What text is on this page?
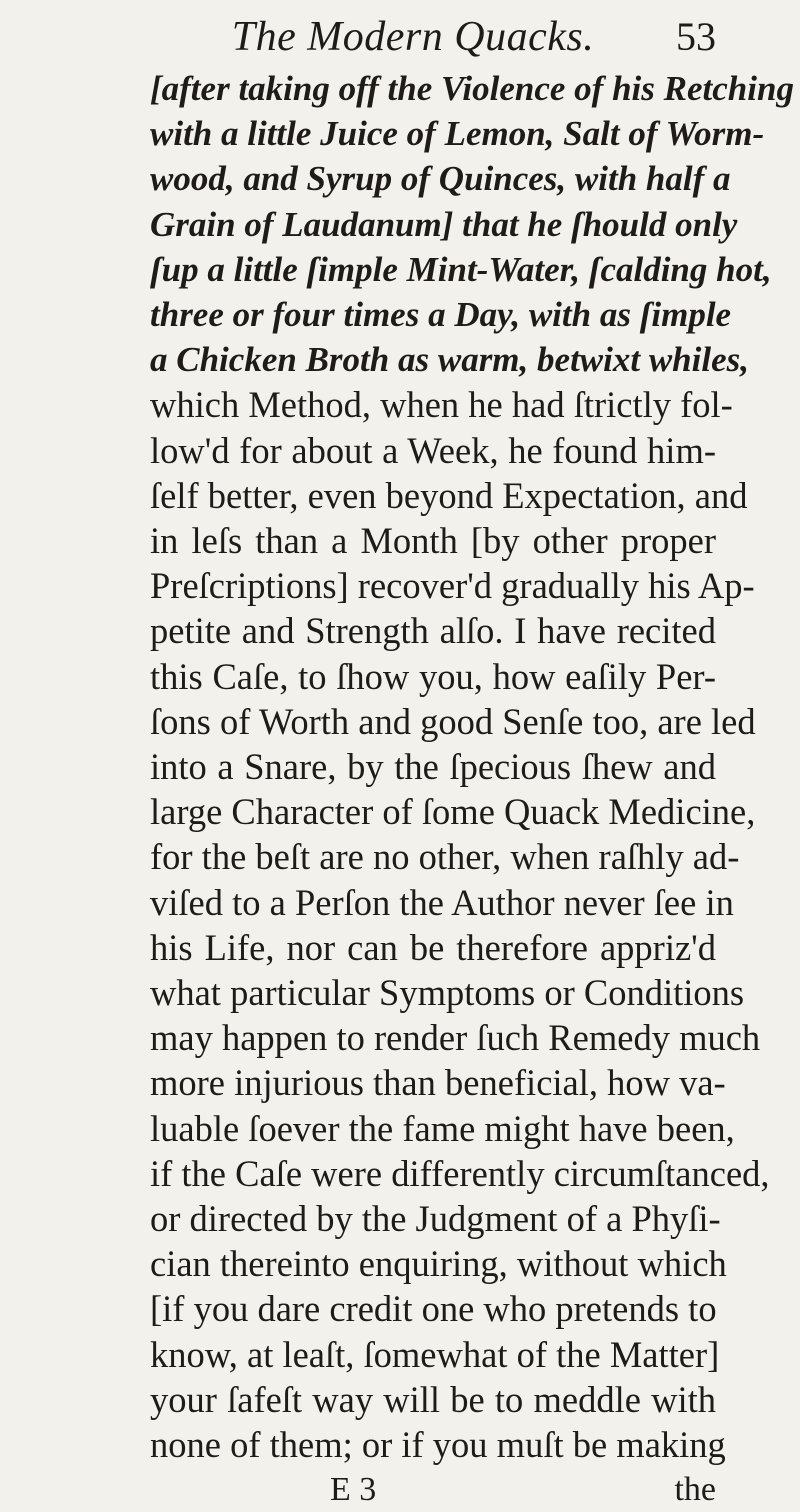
The Modern Quacks.	53
[after taking off the Violence of his Retching
with a little Juice of Lemon, Salt of Worm-
wood, and Syrup of Quinces, with half a
Grain of Laudanum] that he ſhould only
ſup a little ſimple Mint-Water, ſcalding hot,
three or four times a Day, with as ſimple
a Chicken Broth as warm, betwixt whiles,
which Method, when he had ſtrictly fol-
low'd for about a Week, he found him-
ſelf better, even beyond Expectation, and
in leſs than a Month [by other proper
Preſcriptions] recover'd gradually his Ap-
petite and Strength alſo. I have recited
this Caſe, to ſhow you, how eaſily Per-
ſons of Worth and good Senſe too, are led
into a Snare, by the ſpecious ſhew and
large Character of ſome Quack Medicine,
for the beſt are no other, when raſhly ad-
viſed to a Perſon the Author never ſee in
his Life, nor can be therefore appriz'd
what particular Symptoms or Conditions
may happen to render ſuch Remedy much
more injurious than beneficial, how va-
luable ſoever the fame might have been,
if the Caſe were differently circumſtanced,
or directed by the Judgment of a Phyſi-
cian thereinto enquiring, without which
[if you dare credit one who pretends to
know, at leaſt, ſomewhat of the Matter]
your ſafeſt way will be to meddle with
none of them; or if you muſt be making
E 3	the
